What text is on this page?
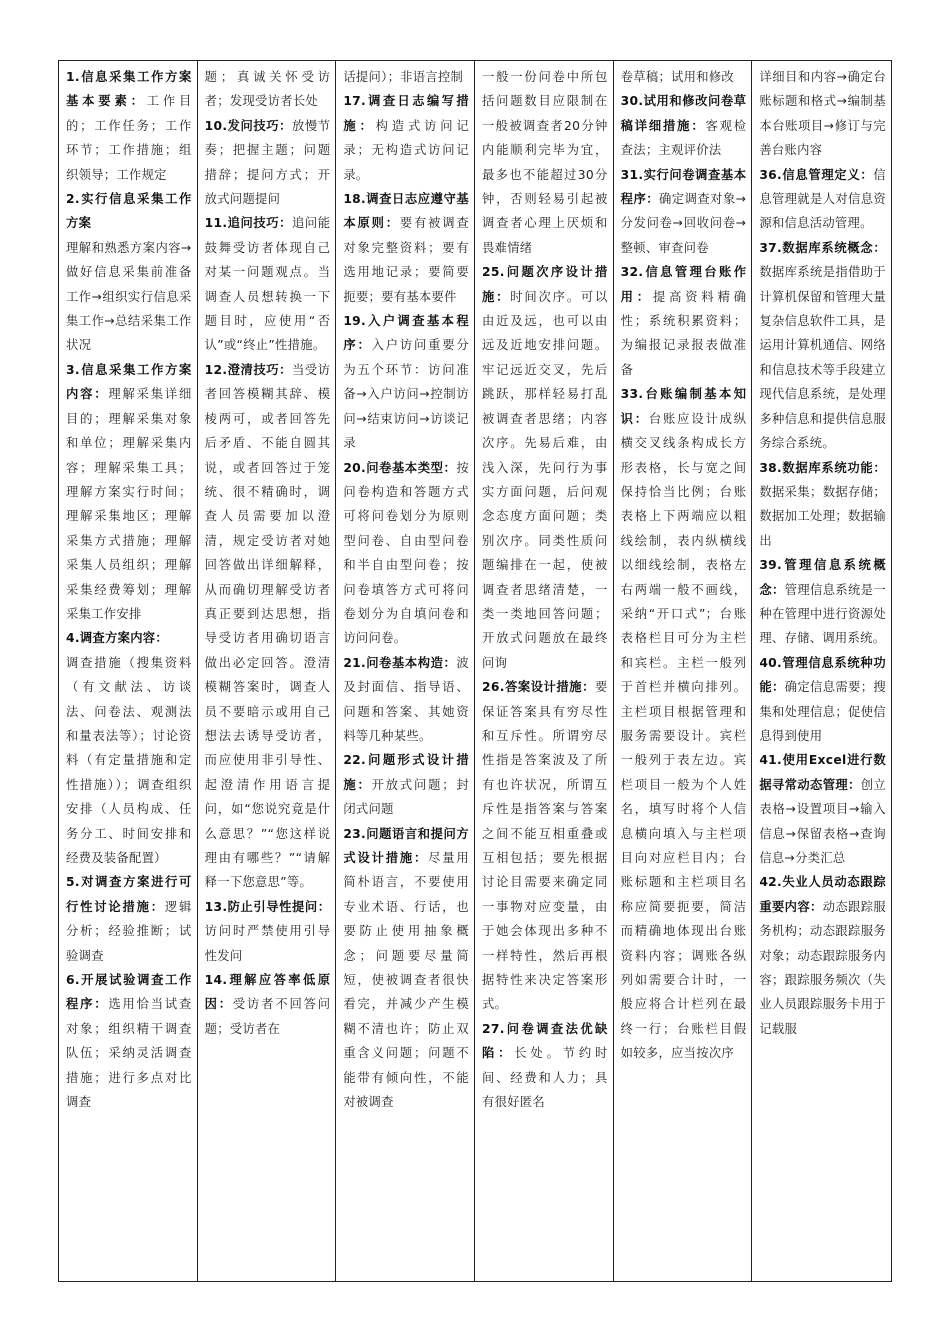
1.信息采集工作方案基本要素：工作目的；工作任务；工作环节；工作措施；组织领导；工作规定

2.实行信息采集工作方案
理解和熟悉方案内容→做好信息采集前准备工作→组织实行信息采集工作→总结采集工作状况

3.信息采集工作方案内容：理解采集详细目的；理解采集对象和单位；理解采集内容；理解采集工具；理解方案实行时间；理解采集地区；理解采集方式措施；理解采集人员组织；理解采集经费筹划；理解采集工作安排

4.调查方案内容：
调查措施（搜集资料（有文献法、访谈法、问卷法、观测法和量表法等）；讨论资料（有定量措施和定性措施））；调查组织安排（人员构成、任务分工、时间安排和经费及装备配置）

5.对调查方案进行可行性讨论措施：逻辑分析；经验推断；试验调查

6.开展试验调查工作程序：选用恰当试查对象；组织精干调查队伍；采纳灵活调查措施；进行多点对比调查

题；真诚关怀受访者；发现受访者长处

10.发问技巧：放慢节奏；把握主题；问题措辞；提问方式；开放式问题提问

11.追问技巧：追问能鼓舞受访者体现自己对某一问题观点。当调查人员想转换一下题目时，应使用“否认”或“终止”性措施。

12.澄清技巧：当受访者回答模糊其辞、模棱两可，或者回答先后矛盾、不能自圆其说，或者回答过于笼统、很不精确时，调查人员需要加以澄清，规定受访者对她回答做出详细解释，从而确切理解受访者真正要到达思想，指导受访者用确切语言做出必定回答。澄清模糊答案时，调查人员不要暗示或用自己想法去诱导受访者，而应使用非引导性、起澄清作用语言提问，如“您说究竟是什么意思？”“您这样说理由有哪些？”“请解释一下您意思”等。

13.防止引导性提问：访问时严禁使用引导性发问

14.理解应答率低原因：受访者不回答问题；受访者在

话提问）；非语言控制

17.调查日志编写措施：构造式访问记录；无构造式访问记录。

18.调查日志应遵守基本原则：要有被调查对象完整资料；要有选用地记录；要简要扼要；要有基本要件

19.入户调查基本程序：入户访问重要分为五个环节：访问准备→入户访问→控制访问→结束访问→访谈记录

20.问卷基本类型：按问卷构造和答题方式可将问卷划分为原则型问卷、自由型问卷和半自由型问卷；按问卷填答方式可将问卷划分为自填问卷和访问问卷。

21.问卷基本构造：波及封面信、指导语、问题和答案、其她资料等几种某些。

22.问题形式设计措施：开放式问题；封闭式问题

23.问题语言和提问方式设计措施：尽量用简朴语言，不要使用专业术语、行话，也要防止使用抽象概念；问题要尽量简短，使被调查者很快看完，并减少产生模糊不清也许；防止双重含义问题；问题不能带有倾向性，不能对被调查

一般一份问卷中所包括问题数目应限制在一般被调查者20分钟内能顺利完毕为宜，最多也不能超过30分钟，否则轻易引起被调查者心理上厌烦和畏难情绪

25.问题次序设计措施：时间次序。可以由近及远，也可以由远及近地安排问题。牢记远近交叉，先后跳跃，那样轻易打乱被调查者思绪；内容次序。先易后难，由浅入深，先问行为事实方面问题，后问观念态度方面问题；类别次序。同类性质问题编排在一起，使被调查者思绪清楚，一类一类地回答问题；开放式问题放在最终问询

26.答案设计措施：要保证答案具有穷尽性和互斥性。所谓穷尽性指是答案波及了所有也许状况，所谓互斥性是指答案与答案之间不能互相重叠或互相包括；要先根据讨论目需要来确定同一事物对应变量，由于她会体现出多种不一样特性，然后再根据特性来决定答案形式。

27.问卷调查法优缺陷：长处。节约时间、经费和人力；具有很好匿名

卷草稿；试用和修改

30.试用和修改问卷草稿详细措施：客观检查法；主观评价法

31.实行问卷调查基本程序：确定调查对象→分发问卷→回收问卷→整顿、审查问卷

32.信息管理台账作用：提高资料精确性；系统积累资料；为编报记录报表做准备

33.台账编制基本知识：台账应设计成纵横交叉线条构成长方形表格，长与宽之间保持恰当比例；台账表格上下两端应以粗线绘制，表内纵横线以细线绘制，表格左右两端一般不画线，采纳“开口式”；台账表格栏目可分为主栏和宾栏。主栏一般列于首栏并横向排列。主栏项目根据管理和服务需要设计。宾栏一般列于表左边。宾栏项目一般为个人姓名，填写时将个人信息横向填入与主栏项目向对应栏目内；台账标题和主栏项目名称应简要扼要，简洁而精确地体现出台账资料内容；调账各纵列如需要合计时，一般应将合计栏列在最终一行；台账栏目假如较多，应当按次序

详细目和内容→确定台账标题和格式→编制基本台账项目→修订与完善台账内容

36.信息管理定义：信息管理就是人对信息资源和信息活动管理。

37.数据库系统概念：数据库系统是指借助于计算机保留和管理大量复杂信息软件工具，是运用计算机通信、网络和信息技术等手段建立现代信息系统，是处理多种信息和提供信息服务综合系统。

38.数据库系统功能：数据采集；数据存储；数据加工处理；数据输出

39.管理信息系统概念：管理信息系统是一种在管理中进行资源处理、存储、调用系统。

40.管理信息系统种功能：确定信息需要；搜集和处理信息；促使信息得到使用

41.使用Excel进行数据寻常动态管理：创立表格→设置项目→输入信息→保留表格→查询信息→分类汇总

42.失业人员动态跟踪重要内容：动态跟踪服务机构；动态跟踪服务对象；动态跟踪服务内容；跟踪服务频次（失业人员跟踪服务卡用于记载服
